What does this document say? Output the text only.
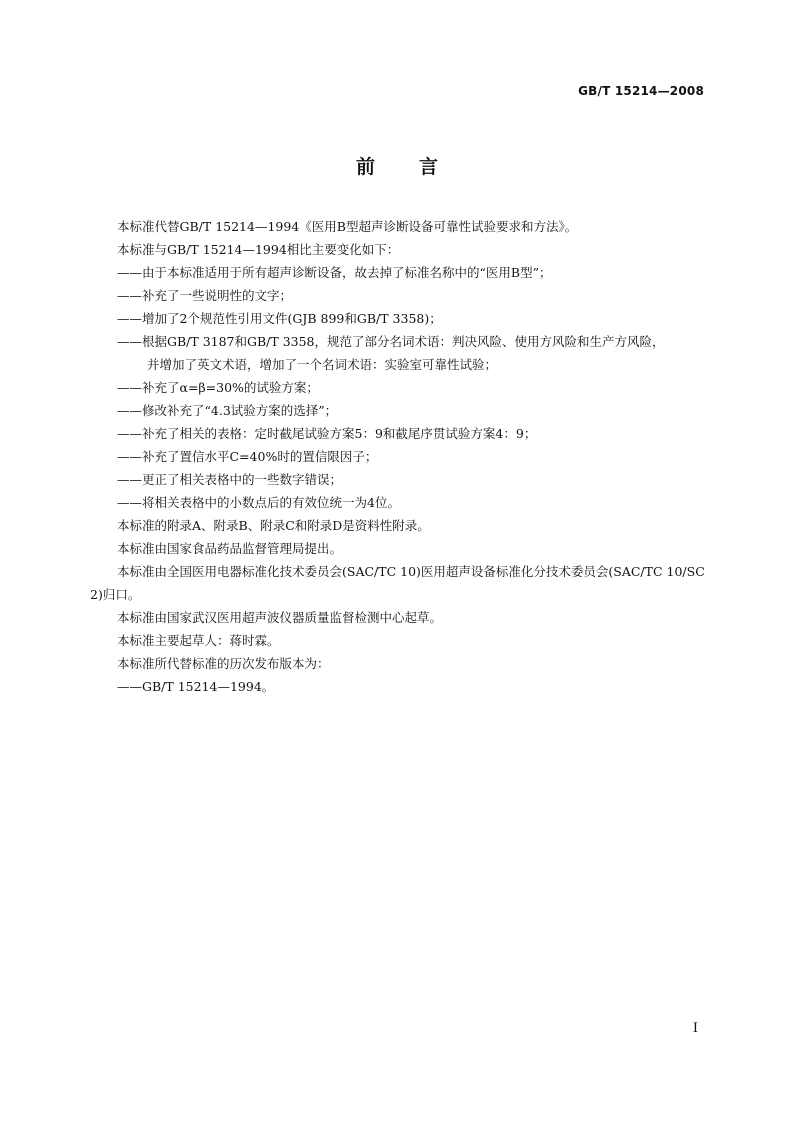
GB/T 15214—2008
前言

本标准代替GB/T 15214—1994《医用B型超声诊断设备可靠性试验要求和方法》。

本标准与GB/T 15214—1994相比主要变化如下：

——由于本标准适用于所有超声诊断设备，故去掉了标准名称中的“医用B型”；

——补充了一些说明性的文字；

——增加了2个规范性引用文件(GJB 899和GB/T 3358)；

——根据GB/T 3187和GB/T 3358，规范了部分名词术语：判决风险、使用方风险和生产方风险，

并增加了英文术语，增加了一个名词术语：实验室可靠性试验；

——补充了α=β=30%的试验方案；

——修改补充了“4.3试验方案的选择”；

——补充了相关的表格：定时截尾试验方案5：9和截尾序贯试验方案4：9；

——补充了置信水平C=40%时的置信限因子；

——更正了相关表格中的一些数字错误；

——将相关表格中的小数点后的有效位统一为4位。

本标准的附录A、附录B、附录C和附录D是资料性附录。

本标准由国家食品药品监督管理局提出。

本标准由全国医用电器标准化技术委员会(SAC/TC 10)医用超声设备标准化分技术委员会(SAC/TC 10/SC 2)归口。

本标准由国家武汉医用超声波仪器质量监督检测中心起草。

本标准主要起草人：蒋时霖。

本标准所代替标准的历次发布版本为：

——GB/T 15214—1994。

I
